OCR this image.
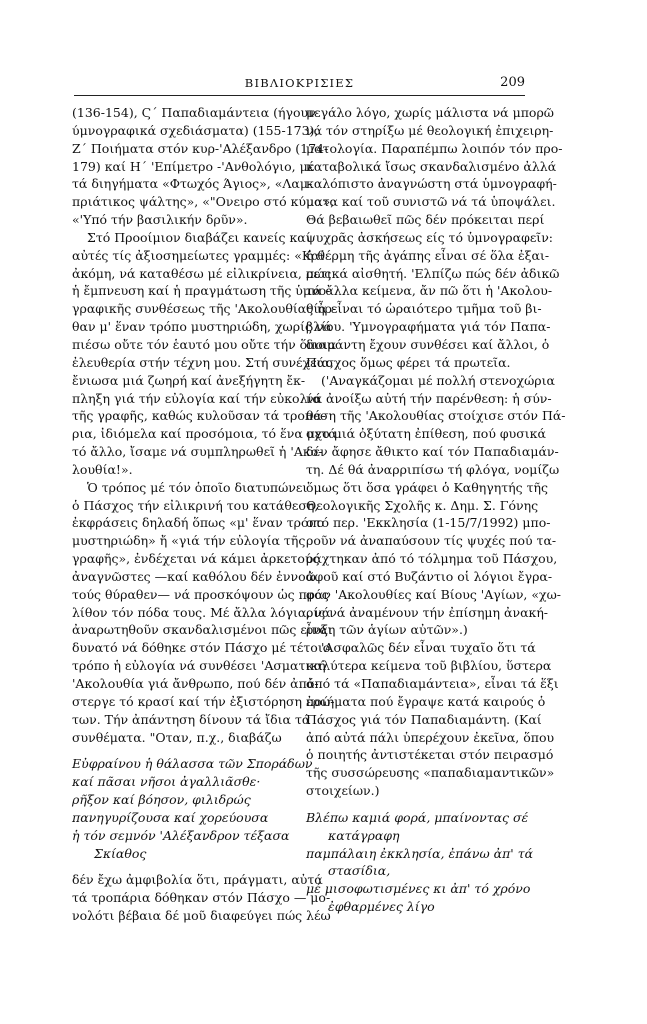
ΒΙΒΛΙΟΚΡΙΣΙΕΣ	209
(136-154), Ϛ΄ Παπαδιαμάντεια (ήγουν
ύμνογραφικά σχεδιάσματα) (155-173),
Ζ΄ Ποιήματα στόν κυρ-'Αλέξανδρο (174-
179) καί Η΄ 'Επίμετρο -'Ανθολόγιο, μέ
τά διηγήματα «Φτωχός Άγιος», «Λαμ-
πριάτικος ψάλτης», «"Ονειρο στό κύμα»,
«'Υπό τήν βασιλικήν δρῦν».
Στό Προοίμιον διαβάζει κανείς καί
αὐτές τίς ἀξιοσημείωτες γραμμές: «Καί
ἀκόμη, νά καταθέσω μέ εἰλικρίνεια, πώς
ἡ ἔμπνευση καί ἡ πραγμάτωση τῆς ὑμνο-
γραφικῆς συνθέσεως τῆς 'Ακολουθίας ἦρ-
θαν μ' ἕναν τρόπο μυστηριώδη, χωρίς νά
πιέσω οὔτε τόν ἑαυτό μου οὔτε τήν ὅποια
ἐλευθερία στήν τέχνη μου. Στή συνέχεια,
ἔνιωσα μιά ζωηρή καί ἀνεξήγητη ἔκ-
πληξη γιά τήν εὐλογία καί τήν εὐκολία
τῆς γραφῆς, καθώς κυλοῦσαν τά τροπά-
ρια, ἰδιόμελα καί προσόμοια, τό ἕνα μετά
τό ἄλλο, ἴσαμε νά συμπληρωθεῖ ἡ 'Ακο-
λουθία!».
Ὁ τρόπος μέ τόν ὁποῖο διατυπώνει
ὁ Πάσχος τήν εἰλικρινή του κατάθεση,
ἐκφράσεις δηλαδή ὅπως «μ' ἕναν τρόπο
μυστηριώδη» ἤ «γιά τήν εὐλογία τῆς
γραφῆς», ἐνδέχεται νά κάμει ἀρκετούς
ἀναγνῶστες —καί καθόλου δέν ἐννοῶ
τούς θύραθεν— νά προσκόψουν ὡς πρός
λίθον τόν πόδα τους. Μέ ἄλλα λόγια, νά
ἀναρωτηθοῦν σκανδαλισμένοι πῶς εἶναι
δυνατό νά δόθηκε στόν Πάσχο μέ τέτοιο
τρόπο ἡ εὐλογία νά συνθέσει 'Ασματική
'Ακολουθία γιά ἄνθρωπο, πού δέν ἀπό-
στεργε τό κρασί καί τήν ἐξιστόρηση ἐρώ-
των. Τήν ἀπάντηση δίνουν τά ἴδια τά
συνθέματα. "Οταν, π.χ., διαβάζω
Εὐφραίνου ἡ θάλασσα τῶν Σποράδων
καί πᾶσαι νῆσοι ἀγαλλιᾶσθε·
ρῆξον καί βόησον, φιλιδρώς
πανηγυρίζουσα καί χορεύουσα
ἡ τόν σεμνόν 'Αλέξανδρον τέξασα
Σκίαθος
δέν ἔχω ἀμφιβολία ὅτι, πράγματι, αὐτά
τά τροπάρια δόθηκαν στόν Πάσχο — μο-
νολότι βέβαια δέ μοῦ διαφεύγει πώς λέω
μεγάλο λόγο, χωρίς μάλιστα νά μπορῶ
νά τόν στηρίξω μέ θεολογική ἐπιχειρη-
ματολογία. Παραπέμπω λοιπόν τόν προ-
καταβολικά ἴσως σκανδαλισμένο ἀλλά
καλόπιστο ἀναγνώστη στά ὑμνογραφή-
ματα καί τοῦ συνιστῶ νά τά ὑποψάλει.
Θά βεβαιωθεῖ πῶς δέν πρόκειται περί
ψυχρᾶς ἀσκήσεως είς τό ὑμνογραφεῖν:
ἡ θέρμη τῆς ἀγάπης εἶναι σέ ὅλα ἐξαι-
ρετικά αἰσθητή. 'Ελπίζω πώς δέν ἀδικῶ
τά ἄλλα κείμενα, ἄν πῶ ὅτι ἡ 'Ακολου-
θία εἶναι τό ὡραιότερο τμῆμα τοῦ βι-
βλίου. 'Υμνογραφήματα γιά τόν Παπα-
διαμάντη ἔχουν συνθέσει καί ἄλλοι, ὁ
Πάσχος ὅμως φέρει τά πρωτεῖα.
('Αναγκάζομαι μέ πολλή στενοχώρια
νά ἀνοίξω αὐτή τήν παρένθεση: ἡ σύν-
θεση τῆς 'Ακολουθίας στοίχισε στόν Πά-
σχο μιά ὀξύτατη ἐπίθεση, πού φυσικά
δέν ἄφησε ἄθικτο καί τόν Παπαδιαμάν-
τη. Δέ θά ἀναρριπίσω τή φλόγα, νομίζω
ὅμως ὅτι ὅσα γράφει ὁ Καθηγητής τῆς
Θεολογικῆς Σχολῆς κ. Δημ. Σ. Γόνης
στό περ. 'Εκκλησία (1-15/7/1992) μπο-
ροῦν νά ἀναπαύσουν τίς ψυχές πού τα-
ράχτηκαν ἀπό τό τόλμημα τοῦ Πάσχου,
ἀφοῦ καί στό Βυζάντιο οἱ λόγιοι ἔγρα-
φαν 'Ακολουθίες καί Βίους 'Αγίων, «χω-
ρίς νά ἀναμένουν τήν ἐπίσημη ἀνακή-
ρυξη τῶν ἁγίων αὐτῶν».)
'Ασφαλῶς δέν εἶναι τυχαῖο ὅτι τά
καλύτερα κείμενα τοῦ βιβλίου, ὕστερα
ἀπό τά «Παπαδιαμάντεια», εἶναι τά ἕξι
ποιήματα πού ἔγραψε κατά καιρούς ὁ
Πάσχος γιά τόν Παπαδιαμάντη. (Καί
ἀπό αὐτά πάλι ὑπερέχουν ἐκεῖνα, ὅπου
ὁ ποιητής ἀντιστέκεται στόν πειρασμό
τῆς συσσώρευσης «παπαδιαμαντικῶν»
στοιχείων.)
Βλέπω καμιά φορά, μπαίνοντας σέ
κατάγραφη
παμπάλαιη ἐκκλησία, ἐπάνω ἀπ' τά
στασίδια,
μέ μισοφωτισμένες κι ἀπ' τό χρόνο
ἐφθαρμένες λίγο
